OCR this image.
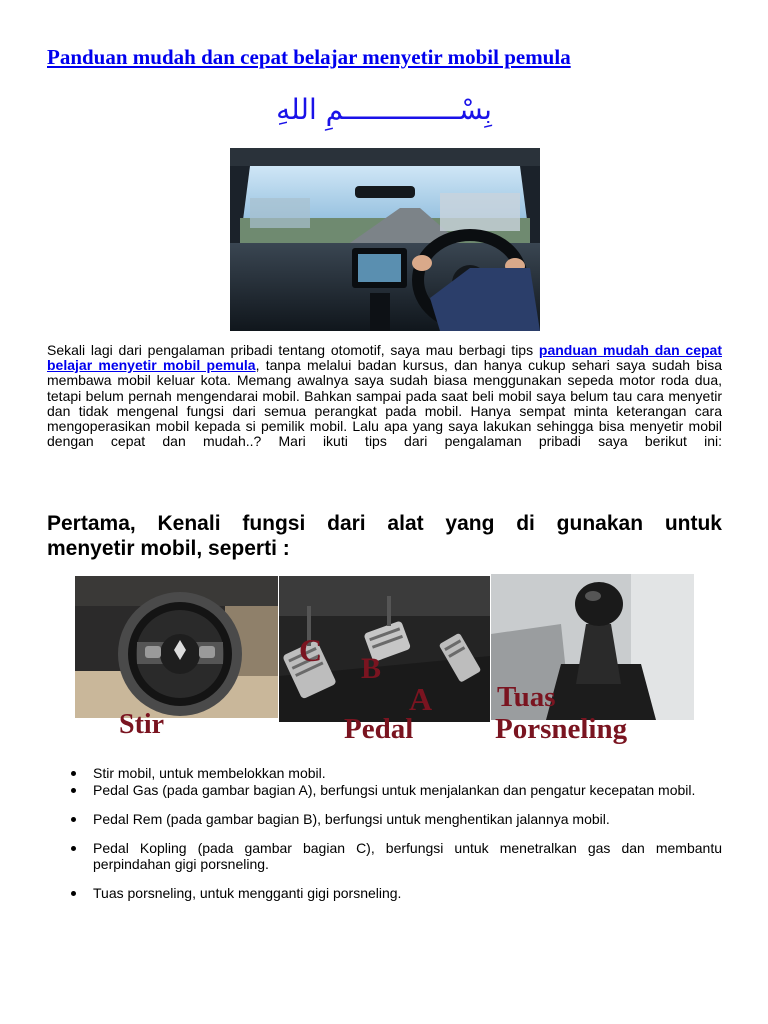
Panduan mudah dan cepat belajar menyetir mobil pemula
بِسْــــــــــــــمِ اللهِ
Sekali lagi dari pengalaman pribadi tentang otomotif, saya mau berbagi tips panduan mudah dan cepat belajar menyetir mobil pemula, tanpa melalui badan kursus, dan hanya cukup sehari saya sudah bisa membawa mobil keluar kota. Memang awalnya saya sudah biasa menggunakan sepeda motor roda dua, tetapi belum pernah mengendarai mobil. Bahkan sampai pada saat beli mobil saya belum tau cara menyetir dan tidak mengenal fungsi dari semua perangkat pada mobil. Hanya sempat minta keterangan cara mengoperasikan mobil kepada si pemilik mobil. Lalu apa yang saya lakukan sehingga bisa menyetir mobil dengan cepat dan mudah..? Mari ikuti tips dari pengalaman pribadi saya berikut ini:
Pertama, Kenali fungsi dari alat yang di gunakan untuk
menyetir mobil, seperti :
C
B
A
Stir	Pedal
Tuas
Porsneling
Stir mobil, untuk membelokkan mobil.
Pedal Gas (pada gambar bagian A), berfungsi untuk menjalankan dan pengatur kecepatan mobil.
Pedal Rem (pada gambar bagian B), berfungsi untuk menghentikan jalannya mobil.
Pedal Kopling (pada gambar bagian C), berfungsi untuk menetralkan gas dan membantu perpindahan gigi porsneling.
Tuas porsneling, untuk mengganti gigi porsneling.
